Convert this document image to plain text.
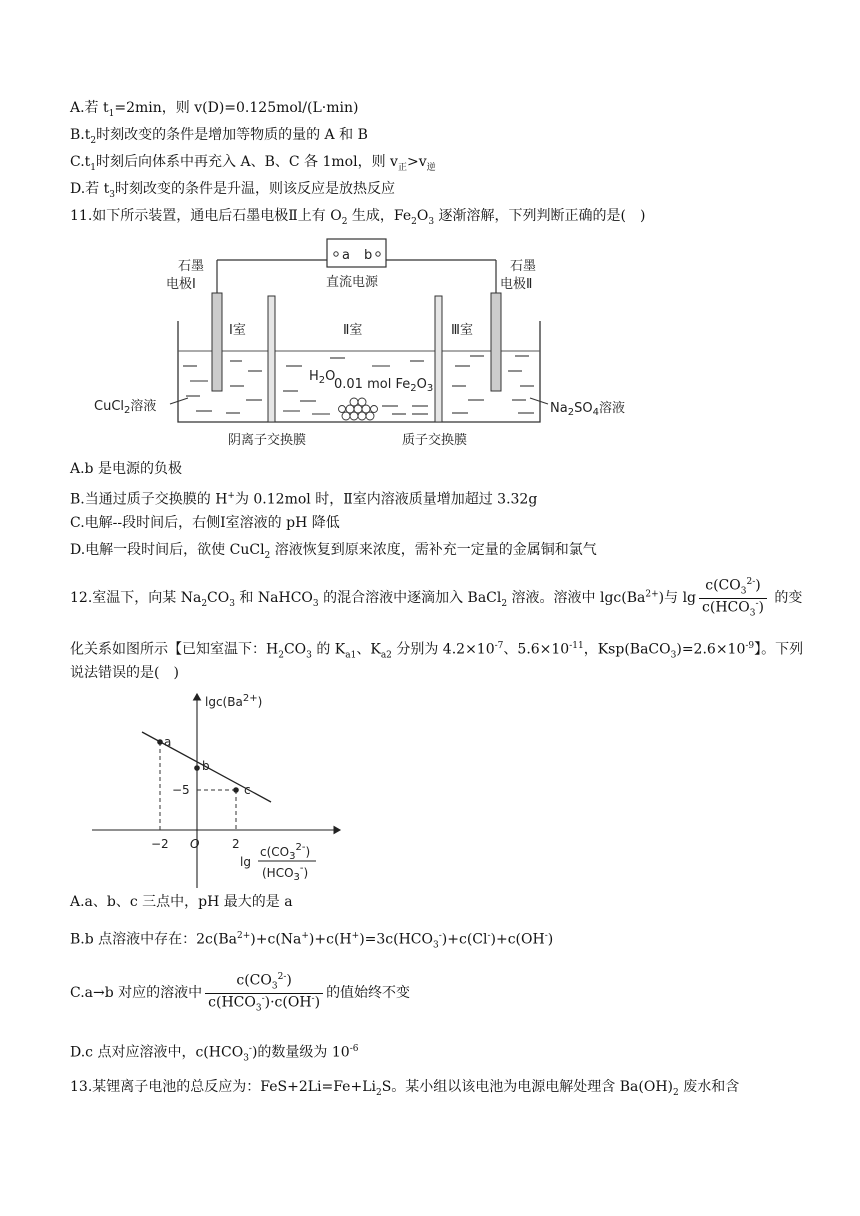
A.若 $t_1=2\min$，则 v(D)=0.125mol/(L·min)
$B.t_2$时刻改变的条件是增加等物质的量的 A 和 B
$C.t_1$时刻后向体系中再充入 A、B、C 各 1mol，则 $v_正>v_逆$
D.若 $t_3$时刻改变的条件是升温，则该反应是放热反应
11.如下所示装置，通电后石墨电极Ⅱ上有 $O_2$ 生成，$Fe_2O_3$ 逐渐溶解，下列判断正确的是(　)
a b
直流电源
石墨
电极Ⅰ
石墨
电极Ⅱ
Ⅰ室	Ⅱ室	Ⅲ室
$H_2O$
0.01 mol $Fe_2O_3$
CuCl$_2$溶液	$Na_2SO_4$溶液
阴离子交换膜	质子交换膜
A.b 是电源的负极
B.当通过质子交换膜的 H+为 0.12mol 时，Ⅱ室内溶液质量增加超过 3.32g
C.电解--段时间后，右侧Ⅰ室溶液的 pH 降低
D.电解一段时间后，欲使 CuCl$_2$ 溶液恢复到原来浓度，需补充一定量的金属铜和氯气
12.室温下，向某 $Na_2CO_3$ 和 NaHCO$_3$ 的混合溶液中逐滴加入 BaCl$_2$ 溶液。溶液中 $\lg c(Ba^{2+})$与 $\lg \frac{c(CO_3^{2-})}{c(HCO_3^-)}$ 的变
化关系如图所示【已知室温下：$H_2CO_3$ 的 $K_{a1}$、$K_{a2}$ 分别为 $4.2\times 10^{-7}$、$5.6\times 10^{-11}$，$Ksp(BaCO_3)=2.6\times 10^{-9}$】。下列
说法错误的是(　)
$\lg c(Ba^{2+})$
a
b
c
−5
−2 O	2
lg
$c(CO_3^{2-})$
$(HCO_3^-)$
A.a、b、c 三点中，pH 最大的是 a
B.b 点溶液中存在：$2c(Ba^{2+})+c(Na^+)+c(H^+)=3c(HCO_3^-)+c(Cl^-)+c(OH^-)$
C.a→b 对应的溶液中 $\frac{c(CO_3^{2-})}{c(HCO_3^-)\cdot c(OH^-)}$ 的值始终不变
D.c 点对应溶液中，$c(HCO_3^-)$的数量级为 $10^{-6}$
13.某锂离子电池的总反应为：$FeS+2Li=Fe+Li_2S$。某小组以该电池为电源电解处理含 $Ba(OH)_2$ 废水和含
